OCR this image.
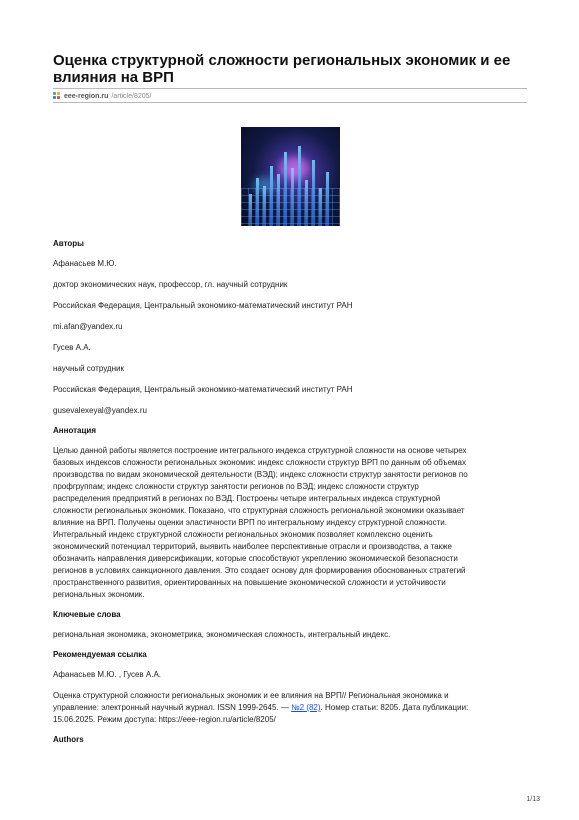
Оценка структурной сложности региональных экономик и ее влияния на ВРП
eee-region.ru /article/8205/

Авторы

Афанасьев М.Ю.

доктор экономических наук, профессор, гл. научный сотрудник

Российская Федерация, Центральный экономико-математический институт РАН

mi.afan@yandex.ru

Гусев А.А.

научный сотрудник

Российская Федерация, Центральный экономико-математический институт РАН

gusevalexeyal@yandex.ru

Аннотация

Целью данной работы является построение интегрального индекса структурной сложности на основе четырех

базовых индексов сложности региональных экономик: индекс сложности структур ВРП по данным об объемах

производства по видам экономической деятельности (ВЭД); индекс сложности структур занятости регионов по

профгруппам; индекс сложности структур занятости регионов по ВЭД; индекс сложности структур

распределения предприятий в регионах по ВЭД. Построены четыре интегральных индекса структурной

сложности региональных экономик. Показано, что структурная сложность региональной экономики оказывает

влияние на ВРП. Получены оценки эластичности ВРП по интегральному индексу структурной сложности.

Интегральный индекс структурной сложности региональных экономик позволяет комплексно оценить

экономический потенциал территорий, выявить наиболее перспективные отрасли и производства, а также

обозначить направления диверсификации, которые способствуют укреплению экономической безопасности

регионов в условиях санкционного давления. Это создает основу для формирования обоснованных стратегий

пространственного развития, ориентированных на повышение экономической сложности и устойчивости

региональных экономик.

Ключевые слова

региональная экономика, эконометрика, экономическая сложность, интегральный индекс.

Рекомендуемая ссылка

Афанасьев М.Ю. , Гусев А.А.

Оценка структурной сложности региональных экономик и ее влияния на ВРП// Региональная экономика и

управление: электронный научный журнал. ISSN 1999-2645. — №2 (82). Номер статьи: 8205. Дата публикации:

15.06.2025. Режим доступа: https://eee-region.ru/article/8205/

Authors

1/13
